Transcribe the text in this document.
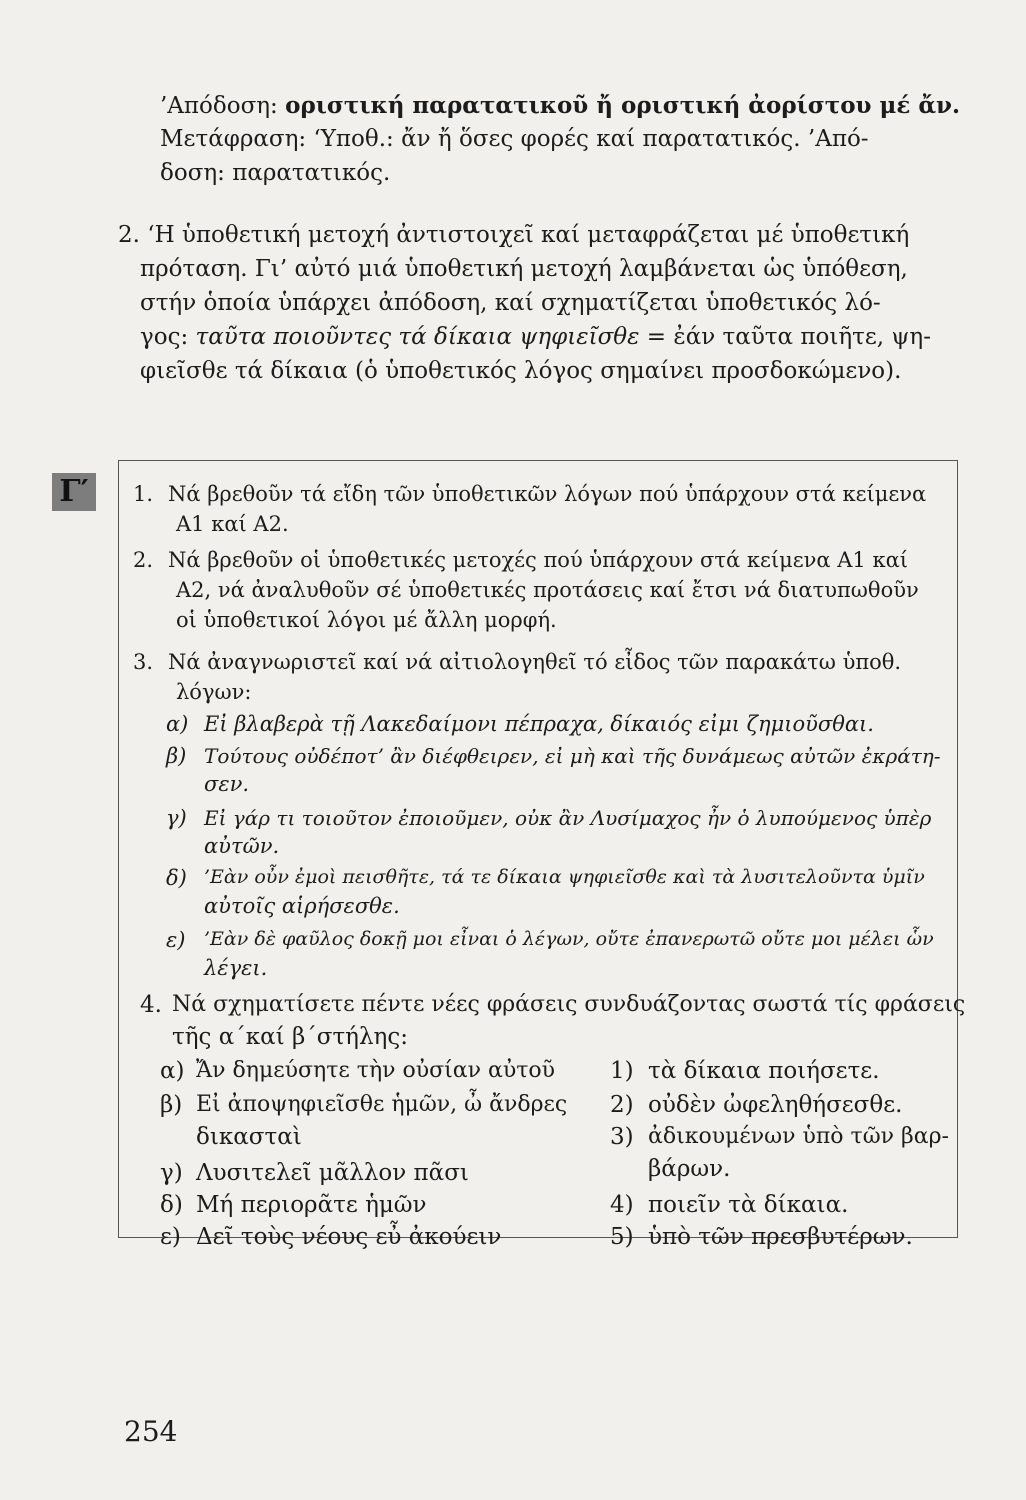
’Απόδοση: οριστική παρατατικοῦ ἤ οριστική ἀορίστου μέ ἄν.
Μετάφραση: ‘Υποθ.: ἄν ἤ ὅσες φορές καί παρατατικός. ’Από-
δοση: παρατατικός.
2. ‘Η ὑποθετική μετοχή ἀντιστοιχεῖ καί μεταφράζεται μέ ὑποθετική
πρόταση. Γι’ αὐτό μιά ὑποθετική μετοχή λαμβάνεται ὡς ὑπόθεση,
στήν ὁποία ὑπάρχει ἀπόδοση, καί σχηματίζεται ὑποθετικός λό-
γος: ταῦτα ποιοῦντες τά δίκαια ψηφιεῖσθε = ἐάν ταῦτα ποιῆτε, ψη-
φιεῖσθε τά δίκαια (ὁ ὑποθετικός λόγος σημαίνει προσδοκώμενο).
Γ′	1. Νά βρεθοῦν τά εἴδη τῶν ὑποθετικῶν λόγων πού ὑπάρχουν στά κείμενα
Α1 καί Α2.
2. Νά βρεθοῦν οἱ ὑποθετικές μετοχές πού ὑπάρχουν στά κείμενα Α1 καί
Α2, νά ἀναλυθοῦν σέ ὑποθετικές προτάσεις καί ἔτσι νά διατυπωθοῦν
οἱ ὑποθετικοί λόγοι μέ ἄλλη μορφή.
3. Νά ἀναγνωριστεῖ καί νά αἰτιολογηθεῖ τό εἶδος τῶν παρακάτω ὑποθ.
λόγων:
α) Εἰ βλαβερὰ τῇ Λακεδαίμονι πέπραχα, δίκαιός εἰμι ζημιοῦσθαι.
β) Τούτους οὐδέποτ’ ἂν διέφθειρεν, εἰ μὴ καὶ τῆς δυνάμεως αὐτῶν ἐκράτη-
σεν.
γ) Εἰ γάρ τι τοιοῦτον ἐποιοῦμεν, οὐκ ἂν Λυσίμαχος ἦν ὁ λυπούμενος ὑπὲρ
αὐτῶν.
δ) ’Εὰν οὖν ἐμοὶ πεισθῆτε, τά τε δίκαια ψηφιεῖσθε καὶ τὰ λυσιτελοῦντα ὑμῖν
αὐτοῖς αἱρήσεσθε.
ε) ’Εὰν δὲ φαῦλος δοκῇ μοι εἶναι ὁ λέγων, οὔτε ἐπανερωτῶ οὔτε μοι μέλει ὧν
λέγει.
4. Νά σχηματίσετε πέντε νέες φράσεις συνδυάζοντας σωστά τίς φράσεις
τῆς α΄καί β΄στήλης:
α) Ἄν δημεύσητε τὴν οὐσίαν αὐτοῦ
β) Εἰ ἀποψηφιεῖσθε ἡμῶν, ὦ ἄνδρες
δικασταὶ
γ) Λυσιτελεῖ μᾶλλον πᾶσι
δ) Μή περιορᾶτε ἡμῶν
ε) Δεῖ τοὺς νέους εὖ ἀκούειν
1) τὰ δίκαια ποιήσετε.
2) οὐδὲν ὠφεληθήσεσθε.
3) ἀδικουμένων ὑπὸ τῶν βαρ-
βάρων.
4) ποιεῖν τὰ δίκαια.
5) ὑπὸ τῶν πρεσβυτέρων.
254
